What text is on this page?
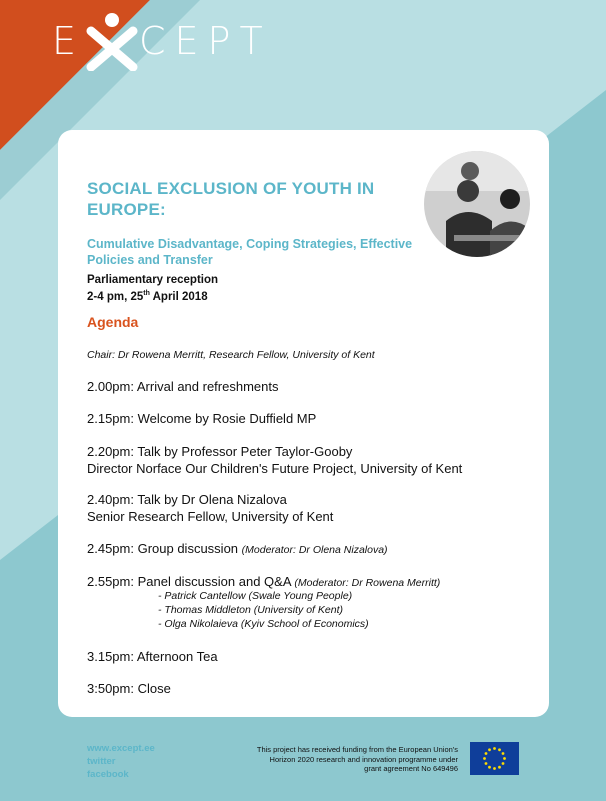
E CEPT
SOCIAL EXCLUSION OF YOUTH IN EUROPE:
Cumulative Disadvantage, Coping Strategies, Effective Policies and Transfer
Parliamentary reception
2-4 pm, 25th April 2018
Agenda
Chair: Dr Rowena Merritt, Research Fellow, University of Kent
2.00pm: Arrival and refreshments
2.15pm: Welcome by Rosie Duffield MP
2.20pm: Talk by Professor Peter Taylor-Gooby
Director Norface Our Children's Future Project, University of Kent
2.40pm: Talk by Dr Olena Nizalova
Senior Research Fellow, University of Kent
2.45pm: Group discussion (Moderator: Dr Olena Nizalova)
2.55pm: Panel discussion and Q&A (Moderator: Dr Rowena Merritt)
- Patrick Cantellow (Swale Young People)
- Thomas Middleton (University of Kent)
- Olga Nikolaieva (Kyiv School of Economics)
3.15pm: Afternoon Tea
3:50pm: Close
www.except.ee
twitter
facebook
This project has received funding from the European Union's
Horizon 2020 research and innovation programme under
grant agreement No 649496
